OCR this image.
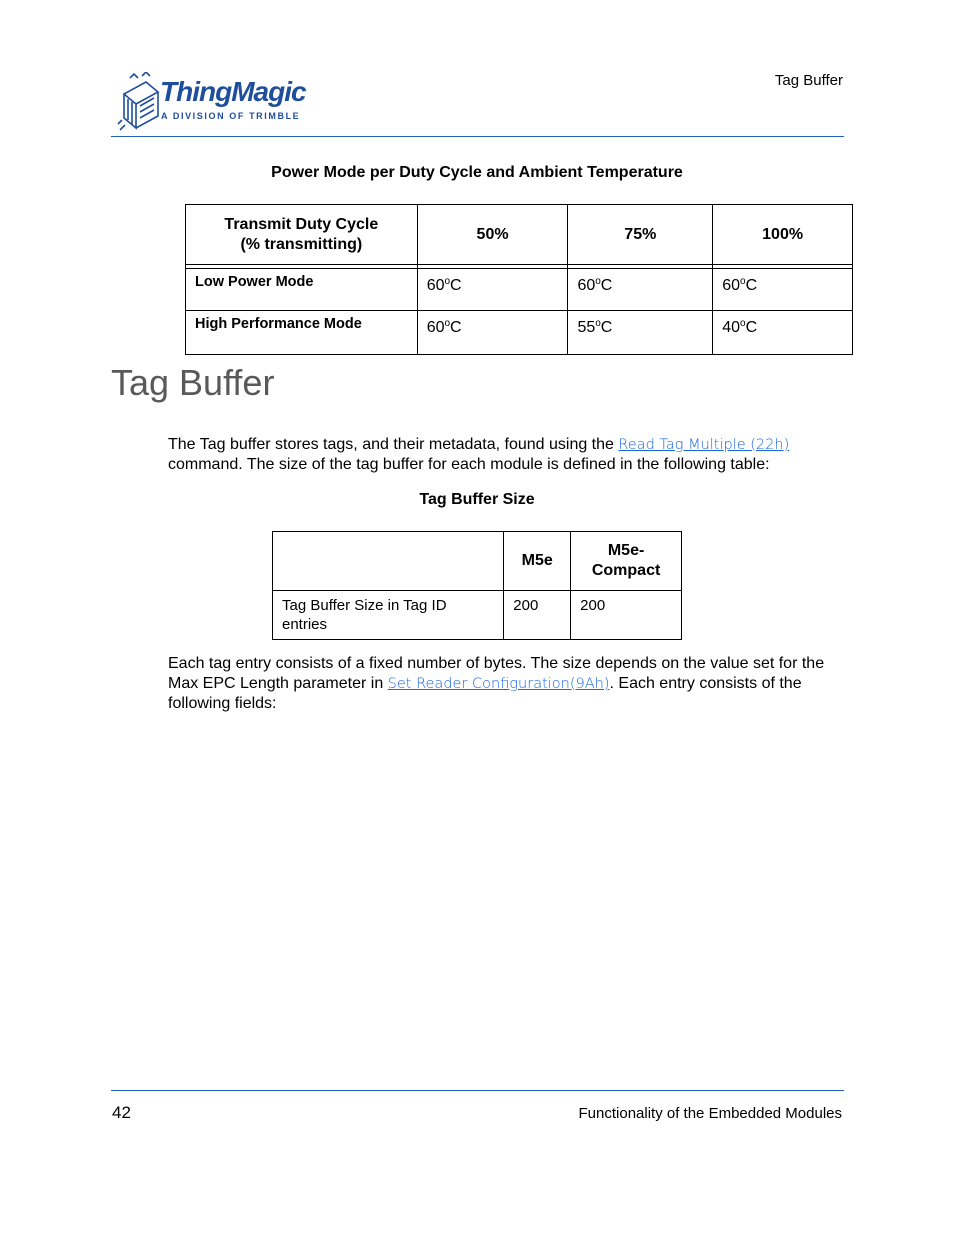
ThingMagic
A DIVISION OF TRIMBLE
Tag Buffer
Power Mode per Duty Cycle and Ambient Temperature
Transmit Duty Cycle
(% transmitting)	50%	75%	100%

Low Power Mode	60$^o$C	60$^o$C	60$^o$C
High Performance Mode	60$^o$C	55$^o$C	40$^o$C
Tag Buffer
The Tag buffer stores tags, and their metadata, found using the Read Tag Multiple (22h) command. The size of the tag buffer for each module is defined in the following table:
Tag Buffer Size
	M5e	M5e-
Compact
Tag Buffer Size in Tag ID entries	200	200
Each tag entry consists of a fixed number of bytes. The size depends on the value set for the Max EPC Length parameter in Set Reader Configuration(9Ah). Each entry consists of the following fields:
42	Functionality of the Embedded Modules
